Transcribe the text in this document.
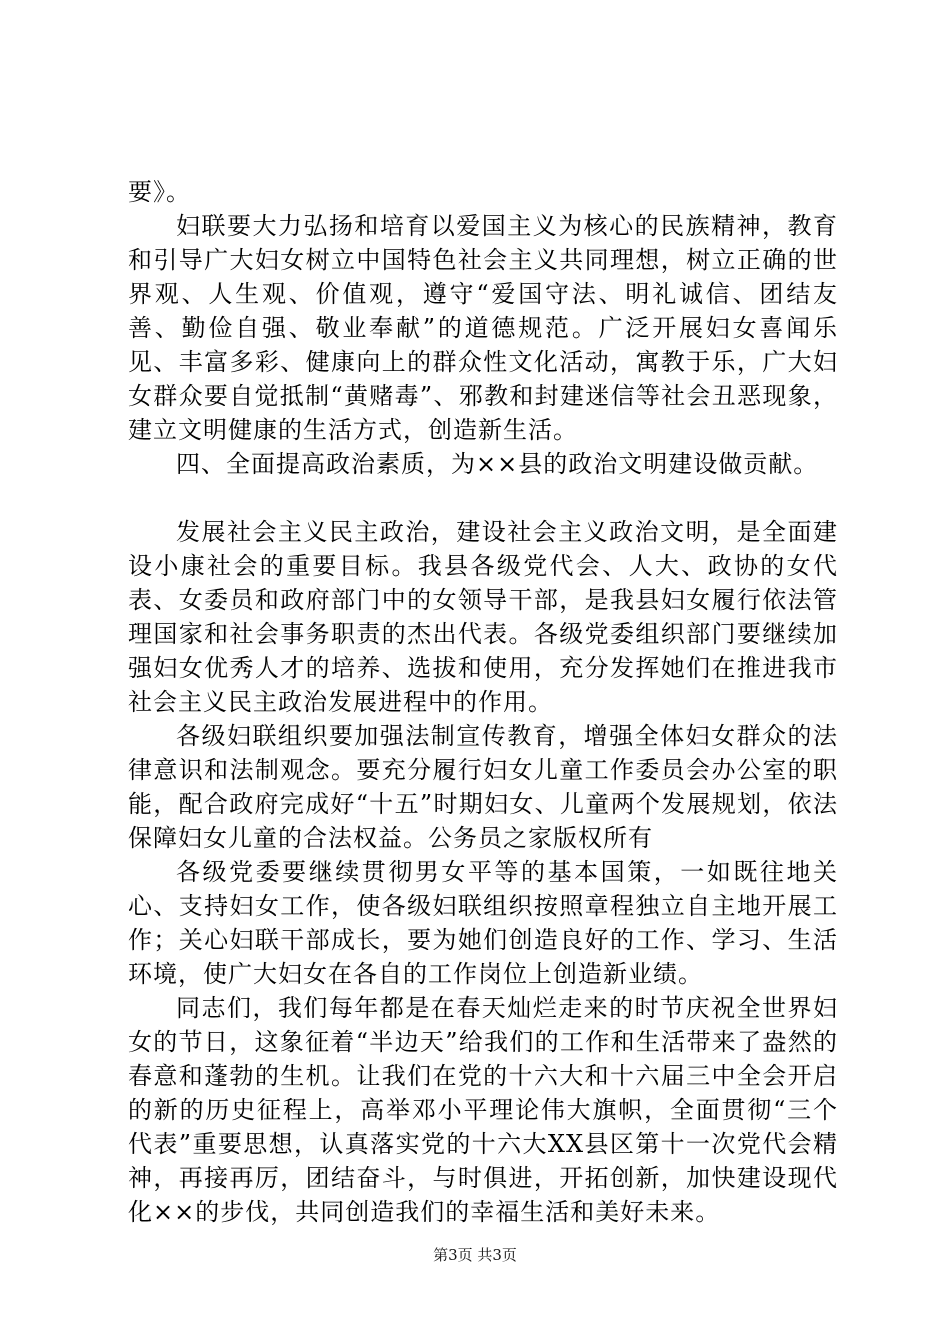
要》。

妇联要大力弘扬和培育以爱国主义为核心的民族精神，教育和引导广大妇女树立中国特色社会主义共同理想，树立正确的世界观、人生观、价值观，遵守“爱国守法、明礼诚信、团结友善、勤俭自强、敬业奉献”的道德规范。广泛开展妇女喜闻乐见、丰富多彩、健康向上的群众性文化活动，寓教于乐，广大妇女群众要自觉抵制“黄赌毒”、邪教和封建迷信等社会丑恶现象，建立文明健康的生活方式，创造新生活。

四、全面提高政治素质，为××县的政治文明建设做贡献。

发展社会主义民主政治，建设社会主义政治文明，是全面建设小康社会的重要目标。我县各级党代会、人大、政协的女代表、女委员和政府部门中的女领导干部，是我县妇女履行依法管理国家和社会事务职责的杰出代表。各级党委组织部门要继续加强妇女优秀人才的培养、选拔和使用，充分发挥她们在推进我市社会主义民主政治发展进程中的作用。

各级妇联组织要加强法制宣传教育，增强全体妇女群众的法律意识和法制观念。要充分履行妇女儿童工作委员会办公室的职能，配合政府完成好“十五”时期妇女、儿童两个发展规划，依法保障妇女儿童的合法权益。公务员之家版权所有

各级党委要继续贯彻男女平等的基本国策，一如既往地关心、支持妇女工作，使各级妇联组织按照章程独立自主地开展工作；关心妇联干部成长，要为她们创造良好的工作、学习、生活环境，使广大妇女在各自的工作岗位上创造新业绩。

同志们，我们每年都是在春天灿烂走来的时节庆祝全世界妇女的节日，这象征着“半边天”给我们的工作和生活带来了盎然的春意和蓬勃的生机。让我们在党的十六大和十六届三中全会开启的新的历史征程上，高举邓小平理论伟大旗帜，全面贯彻“三个代表”重要思想，认真落实党的十六大XX县区第十一次党代会精神，再接再厉，团结奋斗，与时俱进，开拓创新，加快建设现代化××的步伐，共同创造我们的幸福生活和美好未来。

第3页 共3页
